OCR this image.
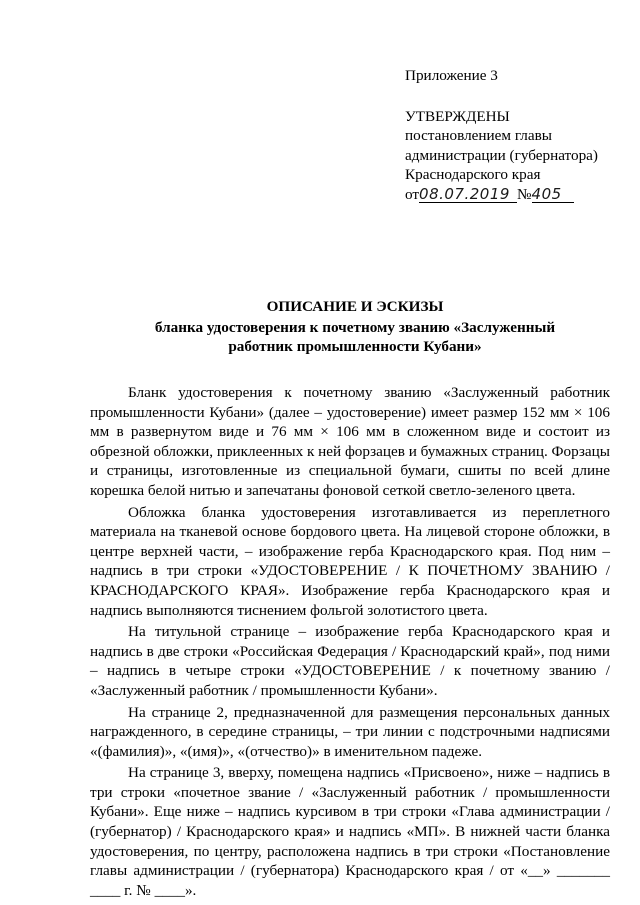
Приложение 3
УТВЕРЖДЕНЫ
постановлением главы
администрации (губернатора)
Краснодарского края
от08.07.2019 №405
ОПИСАНИЕ И ЭСКИЗЫ
бланка удостоверения к почетному званию «Заслуженный
работник промышленности Кубани»

Бланк удостоверения к почетному званию «Заслуженный работник промышленности Кубани» (далее – удостоверение) имеет размер 152 мм × 106 мм в развернутом виде и 76 мм × 106 мм в сложенном виде и состоит из обрезной обложки, приклеенных к ней форзацев и бумажных страниц. Форзацы и страницы, изготовленные из специальной бумаги, сшиты по всей длине корешка белой нитью и запечатаны фоновой сеткой светло-зеленого цвета.

Обложка бланка удостоверения изготавливается из переплетного материала на тканевой основе бордового цвета. На лицевой стороне обложки, в центре верхней части, – изображение герба Краснодарского края. Под ним – надпись в три строки «УДОСТОВЕРЕНИЕ / К ПОЧЕТНОМУ ЗВАНИЮ / КРАСНОДАРСКОГО КРАЯ». Изображение герба Краснодарского края и надпись выполняются тиснением фольгой золотистого цвета.

На титульной странице – изображение герба Краснодарского края и надпись в две строки «Российская Федерация / Краснодарский край», под ними – надпись в четыре строки «УДОСТОВЕРЕНИЕ / к почетному званию / «Заслуженный работник / промышленности Кубани».

На странице 2, предназначенной для размещения персональных данных награжденного, в середине страницы, – три линии с подстрочными надписями «(фамилия)», «(имя)», «(отчество)» в именительном падеже.

На странице 3, вверху, помещена надпись «Присвоено», ниже – надпись в три строки «почетное звание / «Заслуженный работник / промышленности Кубани». Еще ниже – надпись курсивом в три строки «Глава администрации / (губернатор) / Краснодарского края» и надпись «МП». В нижней части бланка удостоверения, по центру, расположена надпись в три строки «Постановление главы администрации / (губернатора) Краснодарского края / от «__» _______ ____ г. № ____».
